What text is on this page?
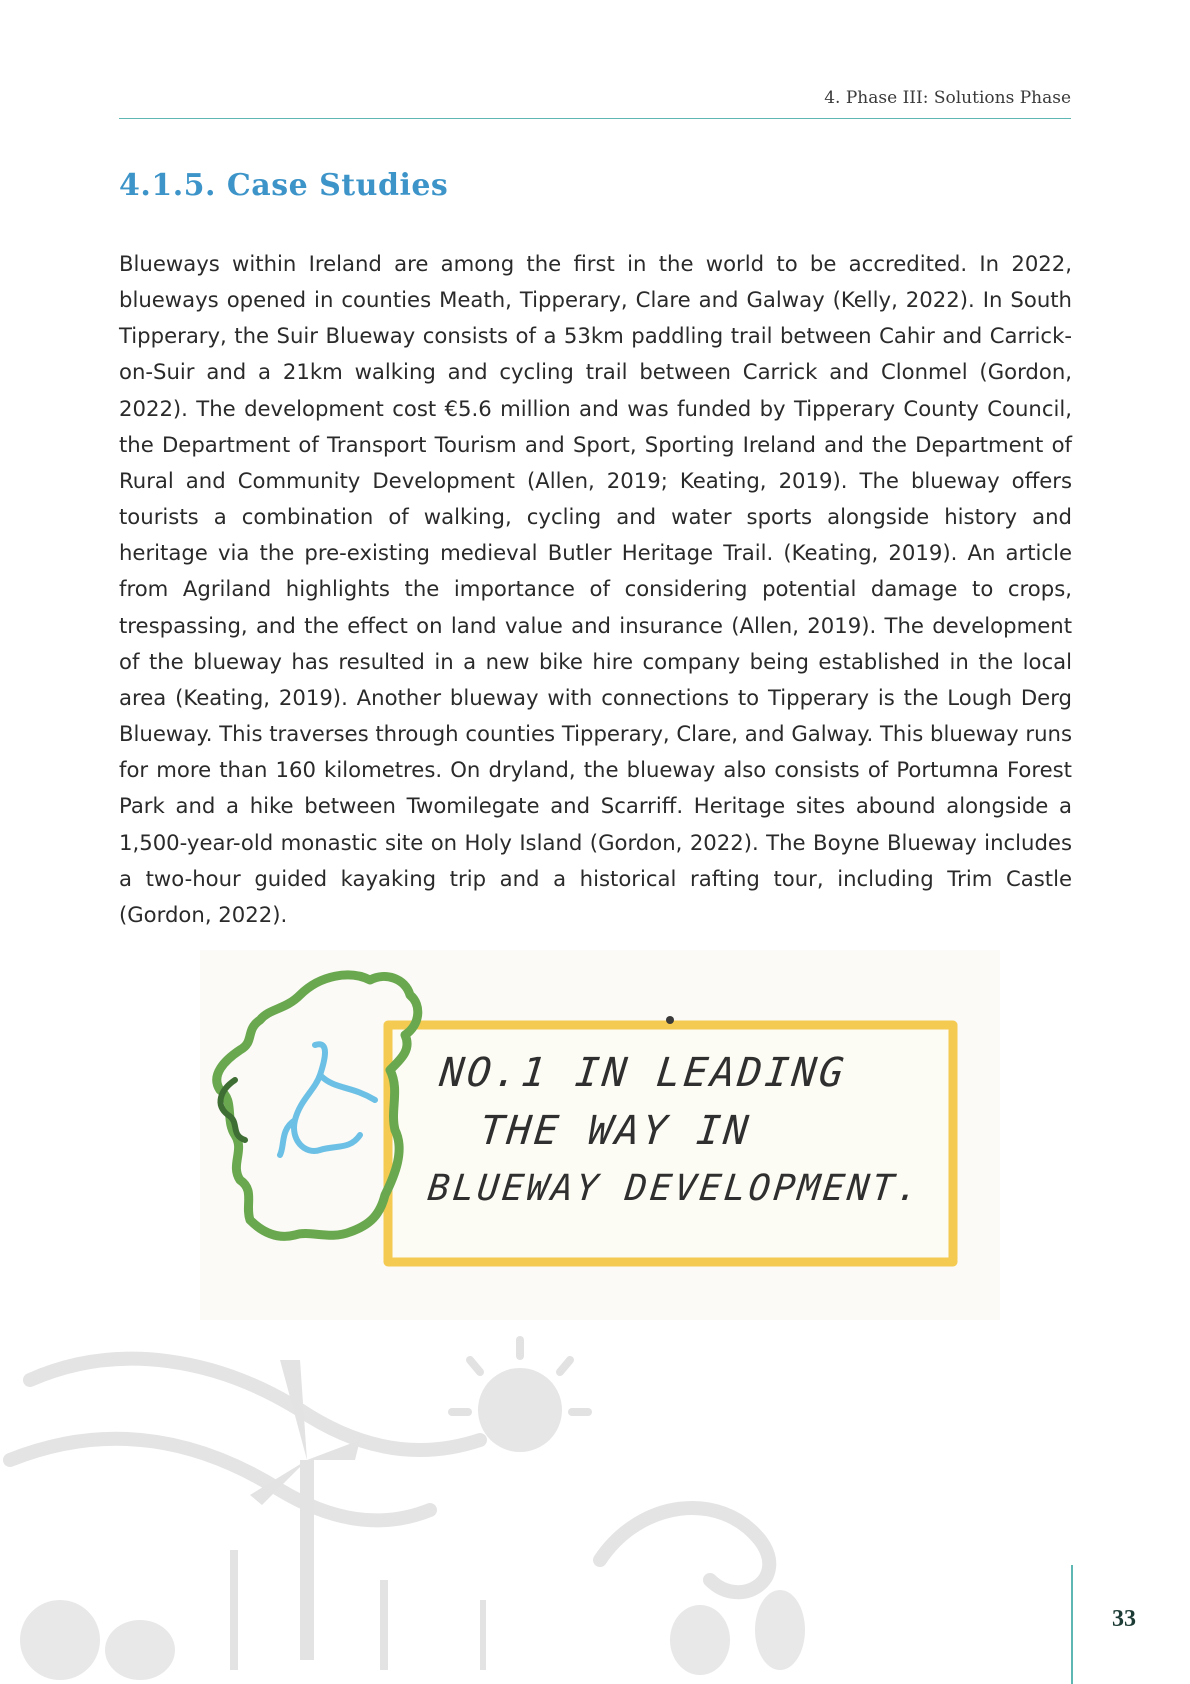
4. Phase III: Solutions Phase
4.1.5. Case Studies

Blueways within Ireland are among the first in the world to be accredited. In 2022, blueways opened in counties Meath, Tipperary, Clare and Galway (Kelly, 2022). In South Tipperary, the Suir Blueway consists of a 53km paddling trail between Cahir and Carrick-on-Suir and a 21km walking and cycling trail between Carrick and Clonmel (Gordon, 2022). The development cost €5.6 million and was funded by Tipperary County Council, the Department of Transport Tourism and Sport, Sporting Ireland and the Department of Rural and Community Development (Allen, 2019; Keating, 2019). The blueway offers tourists a combination of walking, cycling and water sports alongside history and heritage via the pre-existing medieval Butler Heritage Trail. (Keating, 2019). An article from Agriland highlights the importance of considering potential damage to crops, trespassing, and the effect on land value and insurance (Allen, 2019). The development of the blueway has resulted in a new bike hire company being established in the local area (Keating, 2019). Another blueway with connections to Tipperary is the Lough Derg Blueway. This traverses through counties Tipperary, Clare, and Galway. This blueway runs for more than 160 kilometres. On dryland, the blueway also consists of Portumna Forest Park and a hike between Twomilegate and Scarriff. Heritage sites abound alongside a 1,500-year-old monastic site on Holy Island (Gordon, 2022). The Boyne Blueway includes a two-hour guided kayaking trip and a historical rafting tour, including Trim Castle (Gordon, 2022).

NO.1 IN LEADING
THE WAY IN
BLUEWAY DEVELOPMENT.
33
